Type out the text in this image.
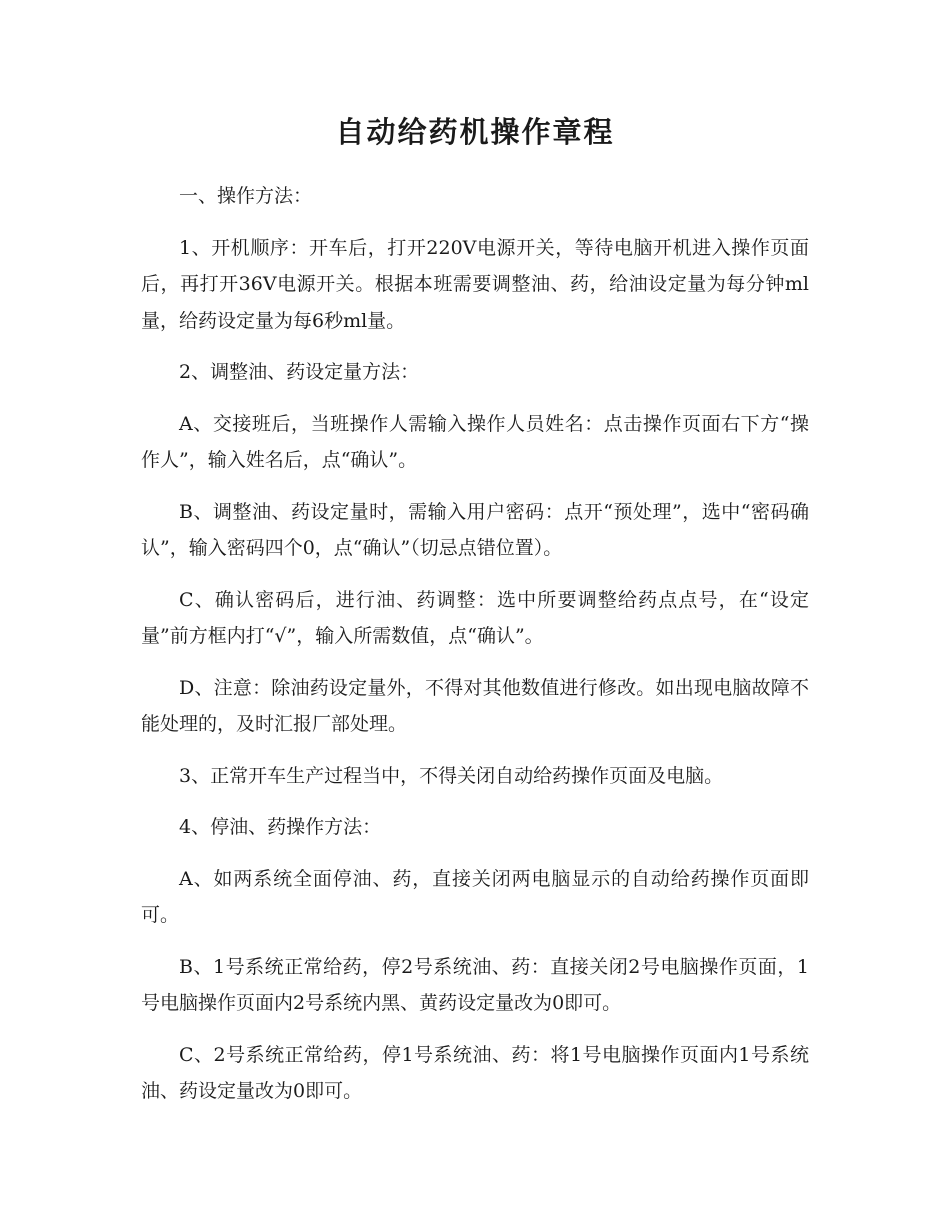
自动给药机操作章程

一、操作方法：

1、开机顺序：开车后，打开220V电源开关，等待电脑开机进入操作页面后，再打开36V电源开关。根据本班需要调整油、药，给油设定量为每分钟ml量，给药设定量为每6秒ml量。

2、调整油、药设定量方法：

A、交接班后，当班操作人需输入操作人员姓名：点击操作页面右下方“操作人”，输入姓名后，点“确认”。

B、调整油、药设定量时，需输入用户密码：点开“预处理”，选中“密码确认”，输入密码四个0，点“确认”（切忌点错位置）。

C、确认密码后，进行油、药调整：选中所要调整给药点点号，在“设定量”前方框内打“√”，输入所需数值，点“确认”。

D、注意：除油药设定量外，不得对其他数值进行修改。如出现电脑故障不能处理的，及时汇报厂部处理。

3、正常开车生产过程当中，不得关闭自动给药操作页面及电脑。

4、停油、药操作方法：

A、如两系统全面停油、药，直接关闭两电脑显示的自动给药操作页面即可。

B、1号系统正常给药，停2号系统油、药：直接关闭2号电脑操作页面，1号电脑操作页面内2号系统内黑、黄药设定量改为0即可。

C、2号系统正常给药，停1号系统油、药：将1号电脑操作页面内1号系统油、药设定量改为0即可。
